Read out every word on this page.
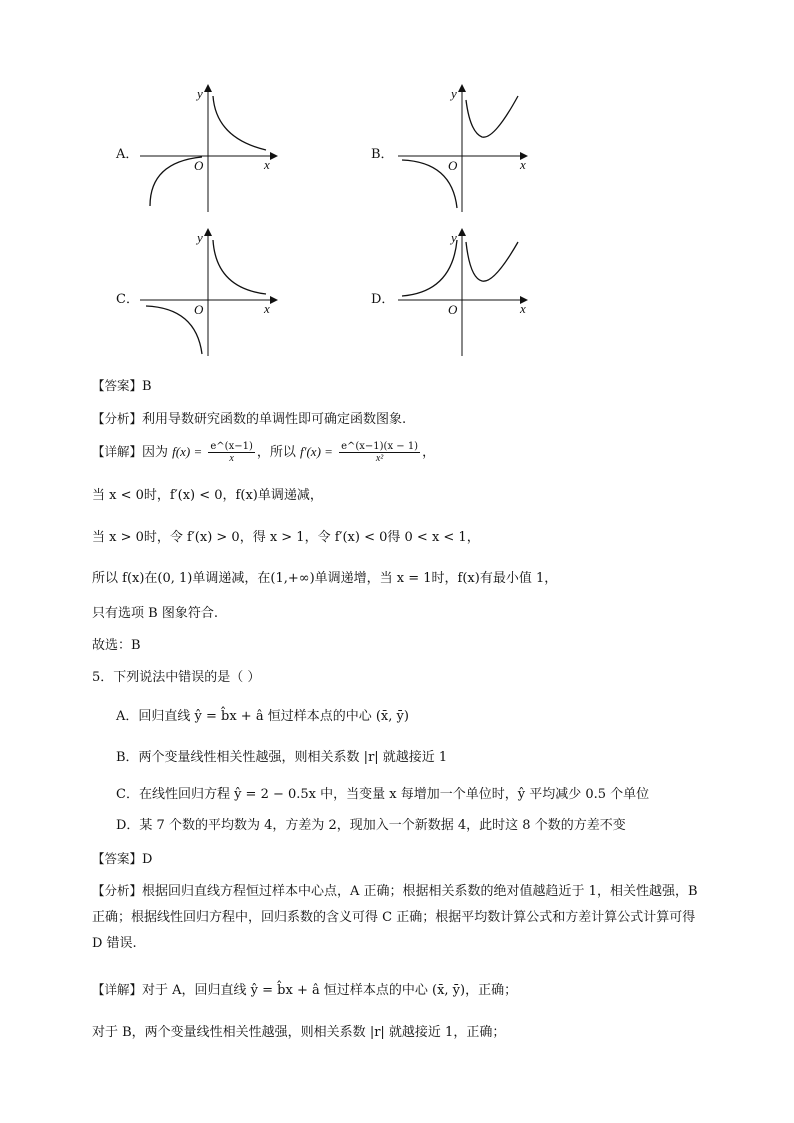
A．
y
x
O
B．
y
x
O
C．
y
x
O
D．
y
x
O
【答案】B
【分析】利用导数研究函数的单调性即可确定函数图象.
【详解】因为 $f(x) = \frac{e\^{}(x-1)}{x}$ ，所以 $f'(x) = \frac{e\^{}(x-1)(x - 1)}{\text{x²}}$ ，
当 x < 0时，f′(x) < 0，f(x)单调递减，
当 x > 0时，令 f′(x) > 0，得 x > 1，令 f′(x) < 0得 0 < x < 1，
所以 f(x)在(0, 1)单调递减，在(1,+∞)单调递增，当 x = 1时，f(x)有最小值 1，
只有选项 B 图象符合.
故选：B
5．下列说法中错误的是（ ）
A．回归直线 ŷ = b̂x + â 恒过样本点的中心 (x̄, ȳ)
B．两个变量线性相关性越强，则相关系数 |r| 就越接近 1
C．在线性回归方程 ŷ = 2 − 0.5x 中，当变量 x 每增加一个单位时，ŷ 平均减少 0.5 个单位
D．某 7 个数的平均数为 4，方差为 2，现加入一个新数据 4，此时这 8 个数的方差不变
【答案】D
【分析】根据回归直线方程恒过样本中心点，A 正确；根据相关系数的绝对值越趋近于 1，相关性越强，B 正确；根据线性回归方程中，回归系数的含义可得 C 正确；根据平均数计算公式和方差计算公式计算可得 D 错误.
【详解】对于 A，回归直线 ŷ = b̂x + â 恒过样本点的中心 (x̄, ȳ)，正确；
对于 B，两个变量线性相关性越强，则相关系数 |r| 就越接近 1，正确；
